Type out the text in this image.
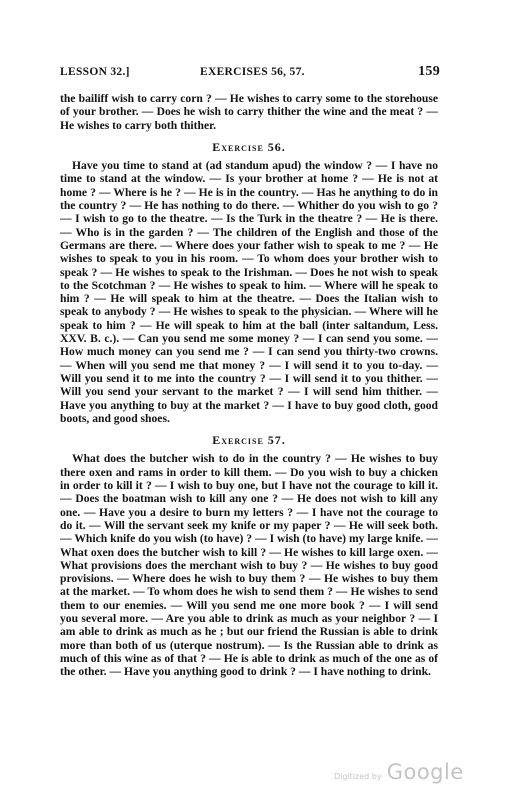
LESSON 32.]	EXERCISES 56, 57.	159

the bailiff wish to carry corn ? — He wishes to carry some to the storehouse of your brother. — Does he wish to carry thither the wine and the meat ? — He wishes to carry both thither.

Exercise 56.

Have you time to stand at (ad standum apud) the window ? — I have no time to stand at the window. — Is your brother at home ? — He is not at home ? — Where is he ? — He is in the country. — Has he anything to do in the country ? — He has nothing to do there. — Whither do you wish to go ? — I wish to go to the theatre. — Is the Turk in the theatre ? — He is there. — Who is in the garden ? — The children of the English and those of the Germans are there. — Where does your father wish to speak to me ? — He wishes to speak to you in his room. — To whom does your brother wish to speak ? — He wishes to speak to the Irishman. — Does he not wish to speak to the Scotchman ? — He wishes to speak to him. — Where will he speak to him ? — He will speak to him at the theatre. — Does the Italian wish to speak to anybody ? — He wishes to speak to the physician. — Where will he speak to him ? — He will speak to him at the ball (inter saltandum, Less. XXV. B. c.). — Can you send me some money ? — I can send you some. — How much money can you send me ? — I can send you thirty-two crowns. — When will you send me that money ? — I will send it to you to-day. — Will you send it to me into the country ? — I will send it to you thither. — Will you send your servant to the market ? — I will send him thither. — Have you anything to buy at the market ? — I have to buy good cloth, good boots, and good shoes.

Exercise 57.

What does the butcher wish to do in the country ? — He wishes to buy there oxen and rams in order to kill them. — Do you wish to buy a chicken in order to kill it ? — I wish to buy one, but I have not the courage to kill it. — Does the boatman wish to kill any one ? — He does not wish to kill any one. — Have you a desire to burn my letters ? — I have not the courage to do it. — Will the servant seek my knife or my paper ? — He will seek both. — Which knife do you wish (to have) ? — I wish (to have) my large knife. — What oxen does the butcher wish to kill ? — He wishes to kill large oxen. — What provisions does the merchant wish to buy ? — He wishes to buy good provisions. — Where does he wish to buy them ? — He wishes to buy them at the market. — To whom does he wish to send them ? — He wishes to send them to our enemies. — Will you send me one more book ? — I will send you several more. — Are you able to drink as much as your neighbor ? — I am able to drink as much as he ; but our friend the Russian is able to drink more than both of us (uterque nostrum). — Is the Russian able to drink as much of this wine as of that ? — He is able to drink as much of the one as of the other. — Have you anything good to drink ? — I have nothing to drink.

Digitized by Google
